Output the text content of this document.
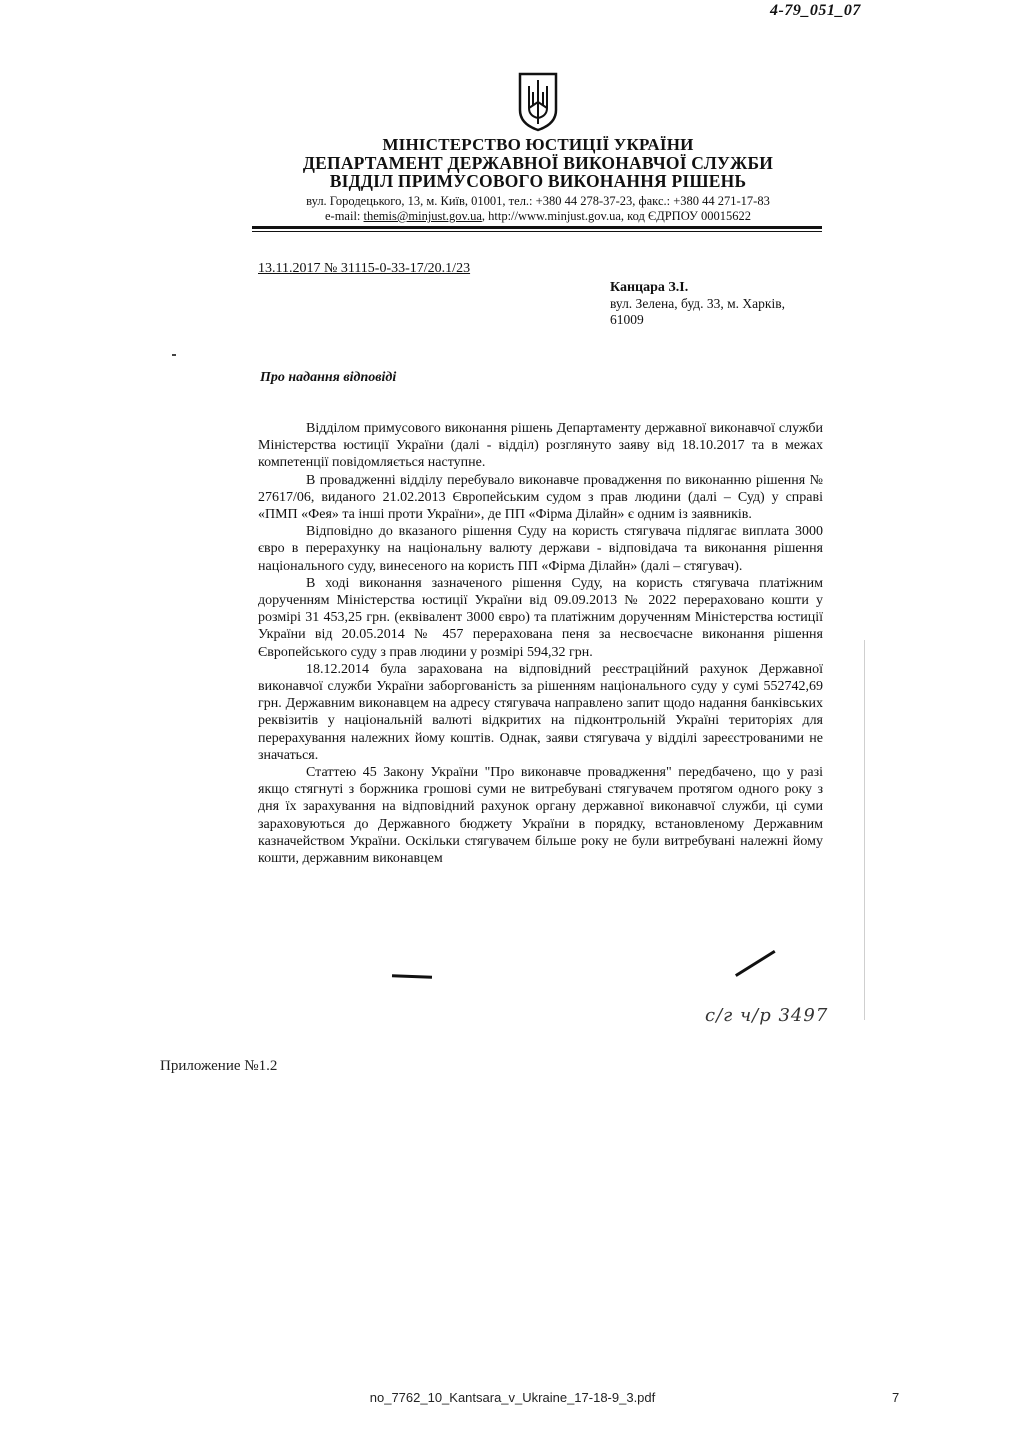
4-79_051_07
МІНІСТЕРСТВО ЮСТИЦІЇ УКРАЇНИ
ДЕПАРТАМЕНТ ДЕРЖАВНОЇ ВИКОНАВЧОЇ СЛУЖБИ
ВІДДІЛ ПРИМУСОВОГО ВИКОНАННЯ РІШЕНЬ
вул. Городецького, 13, м. Київ, 01001, тел.: +380 44 278-37-23, факс.: +380 44 271-17-83
e-mail: themis@minjust.gov.ua, http://www.minjust.gov.ua, код ЄДРПОУ 00015622
13.11.2017 № 31115-0-33-17/20.1/23
Канцара З.І.
вул. Зелена, буд. 33, м. Харків,
61009
Про надання відповіді

Відділом примусового виконання рішень Департаменту державної виконавчої служби Міністерства юстиції України (далі - відділ) розглянуто заяву від 18.10.2017 та в межах компетенції повідомляється наступне.

В провадженні відділу перебувало виконавче провадження по виконанню рішення № 27617/06, виданого 21.02.2013 Європейським судом з прав людини (далі – Суд) у справі «ПМП «Фея» та інші проти України», де ПП «Фірма Ділайн» є одним із заявників.

Відповідно до вказаного рішення Суду на користь стягувача підлягає виплата 3000 євро в перерахунку на національну валюту держави - відповідача та виконання рішення національного суду, винесеного на користь ПП «Фірма Ділайн» (далі – стягувач).

В ході виконання зазначеного рішення Суду, на користь стягувача платіжним дорученням Міністерства юстиції України від 09.09.2013 № 2022 перераховано кошти у розмірі 31 453,25 грн. (еквівалент 3000 євро) та платіжним дорученням Міністерства юстиції України від 20.05.2014 № 457 перерахована пеня за несвоєчасне виконання рішення Європейського суду з прав людини у розмірі 594,32 грн.

18.12.2014 була зарахована на відповідний реєстраційний рахунок Державної виконавчої служби України заборгованість за рішенням національного суду у сумі 552742,69 грн. Державним виконавцем на адресу стягувача направлено запит щодо надання банківських реквізитів у національній валюті відкритих на підконтрольній Україні територіях для перерахування належних йому коштів. Однак, заяви стягувача у відділі зареєстрованими не значаться.

Статтею 45 Закону України "Про виконавче провадження" передбачено, що у разі якщо стягнуті з боржника грошові суми не витребувані стягувачем протягом одного року з дня їх зарахування на відповідний рахунок органу державної виконавчої служби, ці суми зараховуються до Державного бюджету України в порядку, встановленому Державним казначейством України. Оскільки стягувачем більше року не були витребувані належні йому кошти, державним виконавцем

с/г ч/р 3497
Приложение №1.2
no_7762_10_Kantsara_v_Ukraine_17-18-9_3.pdf	7
